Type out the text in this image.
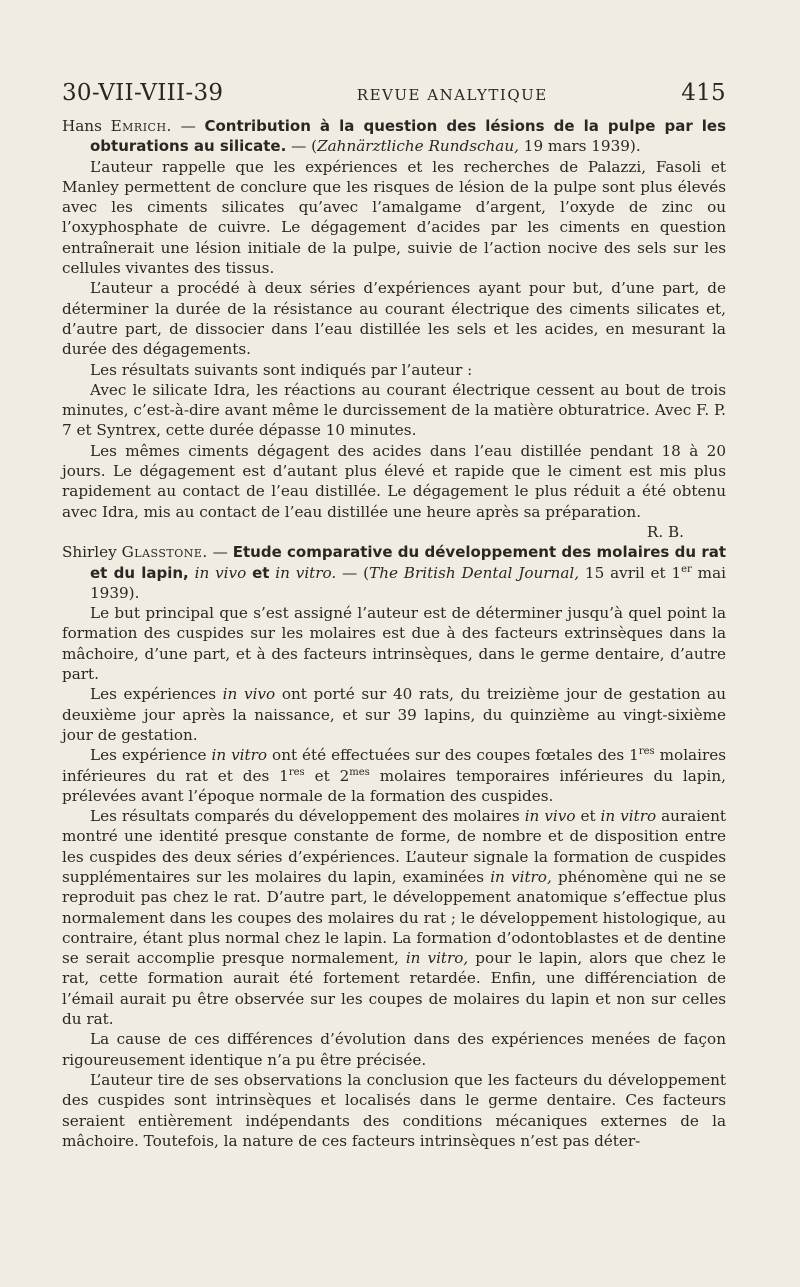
30-VII-VIII-39	REVUE ANALYTIQUE	415

Hans Emrich. — Contribution à la question des lésions de la pulpe par les obturations au silicate. — (Zahnärztliche Rundschau, 19 mars 1939).

L’auteur rappelle que les expériences et les recherches de Palazzi, Fasoli et Manley permettent de conclure que les risques de lésion de la pulpe sont plus élevés avec les ciments silicates qu’avec l’amalgame d’argent, l’oxyde de zinc ou l’oxyphosphate de cuivre. Le dégagement d’acides par les ciments en question entraînerait une lésion initiale de la pulpe, suivie de l’action nocive des sels sur les cellules vivantes des tissus.

L’auteur a procédé à deux séries d’expériences ayant pour but, d’une part, de déterminer la durée de la résistance au courant électrique des ciments silicates et, d’autre part, de dissocier dans l’eau distillée les sels et les acides, en mesurant la durée des dégagements.

Les résultats suivants sont indiqués par l’auteur :

Avec le silicate Idra, les réactions au courant électrique cessent au bout de trois minutes, c’est-à-dire avant même le durcissement de la matière obturatrice. Avec F. P. 7 et Syntrex, cette durée dépasse 10 minutes.

Les mêmes ciments dégagent des acides dans l’eau distillée pendant 18 à 20 jours. Le dégagement est d’autant plus élevé et rapide que le ciment est mis plus rapidement au contact de l’eau distillée. Le dégagement le plus réduit a été obtenu avec Idra, mis au contact de l’eau distillée une heure après sa préparation.

R. B.

Shirley Glasstone. — Etude comparative du développement des molaires du rat et du lapin, in vivo et in vitro. — (The British Dental Journal, 15 avril et 1er mai 1939).

Le but principal que s’est assigné l’auteur est de déterminer jusqu’à quel point la formation des cuspides sur les molaires est due à des facteurs extrinsèques dans la mâchoire, d’une part, et à des facteurs intrinsèques, dans le germe dentaire, d’autre part.

Les expériences in vivo ont porté sur 40 rats, du treizième jour de gestation au deuxième jour après la naissance, et sur 39 lapins, du quinzième au vingt-sixième jour de gestation.

Les expérience in vitro ont été effectuées sur des coupes fœtales des 1res molaires inférieures du rat et des 1res et $2^{mes}$ molaires temporaires inférieures du lapin, prélevées avant l’époque normale de la formation des cuspides.

Les résultats comparés du développement des molaires in vivo et in vitro auraient montré une identité presque constante de forme, de nombre et de disposition entre les cuspides des deux séries d’expériences. L’auteur signale la formation de cuspides supplémentaires sur les molaires du lapin, examinées in vitro, phénomène qui ne se reproduit pas chez le rat. D’autre part, le développement anatomique s’effectue plus normalement dans les coupes des molaires du rat ; le développement histologique, au contraire, étant plus normal chez le lapin. La formation d’odontoblastes et de dentine se serait accomplie presque normalement, in vitro, pour le lapin, alors que chez le rat, cette formation aurait été fortement retardée. Enfin, une différenciation de l’émail aurait pu être observée sur les coupes de molaires du lapin et non sur celles du rat.

La cause de ces différences d’évolution dans des expériences menées de façon rigoureusement identique n’a pu être précisée.

L’auteur tire de ses observations la conclusion que les facteurs du développement des cuspides sont intrinsèques et localisés dans le germe dentaire. Ces facteurs seraient entièrement indépendants des conditions mécaniques externes de la mâchoire. Toutefois, la nature de ces facteurs intrinsèques n’est pas déter-
